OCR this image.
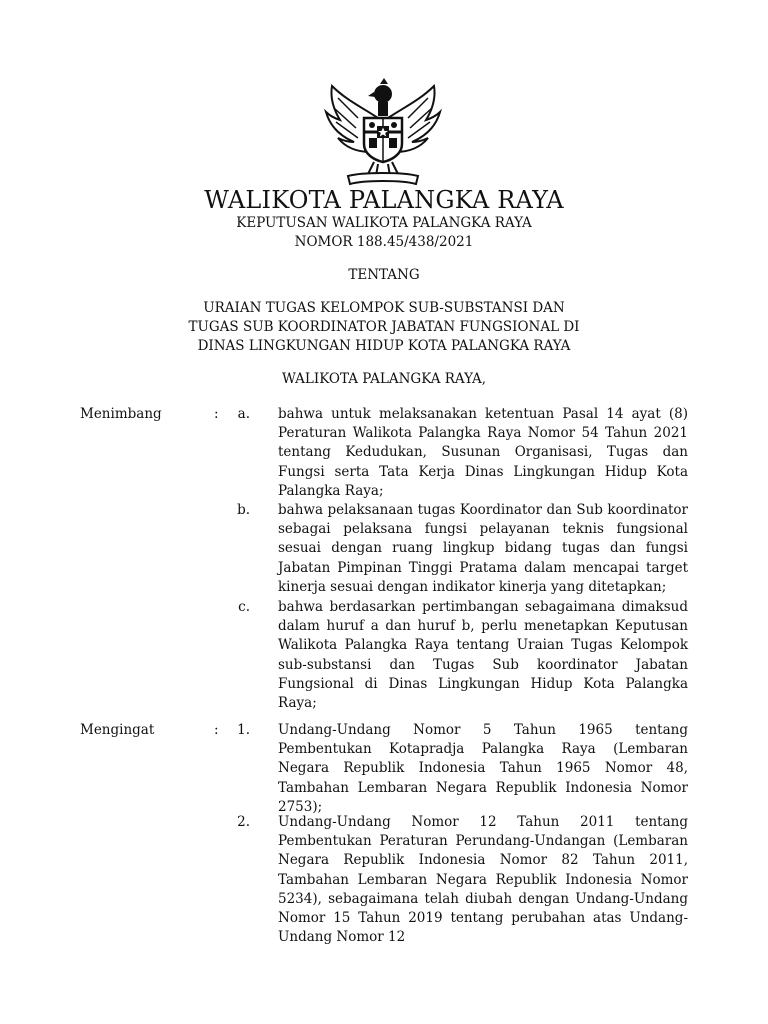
WALIKOTA PALANGKA RAYA
KEPUTUSAN WALIKOTA PALANGKA RAYA
NOMOR 188.45/438/2021
TENTANG
URAIAN TUGAS KELOMPOK SUB-SUBSTANSI DAN
TUGAS SUB KOORDINATOR JABATAN FUNGSIONAL DI
DINAS LINGKUNGAN HIDUP KOTA PALANGKA RAYA
WALIKOTA PALANGKA RAYA,
Menimbang	:	a. bahwa untuk melaksanakan ketentuan Pasal 14 ayat (8) Peraturan Walikota Palangka Raya Nomor 54 Tahun 2021 tentang Kedudukan, Susunan Organisasi, Tugas dan Fungsi serta Tata Kerja Dinas Lingkungan Hidup Kota Palangka Raya;

b. bahwa pelaksanaan tugas Koordinator dan Sub koordinator sebagai pelaksana fungsi pelayanan teknis fungsional sesuai dengan ruang lingkup bidang tugas dan fungsi Jabatan Pimpinan Tinggi Pratama dalam mencapai target kinerja sesuai dengan indikator kinerja yang ditetapkan;

c. bahwa berdasarkan pertimbangan sebagaimana dimaksud dalam huruf a dan huruf b, perlu menetapkan Keputusan Walikota Palangka Raya tentang Uraian Tugas Kelompok sub-substansi dan Tugas Sub koordinator Jabatan Fungsional di Dinas Lingkungan Hidup Kota Palangka Raya;

Mengingat	:	1. Undang-Undang Nomor 5 Tahun 1965 tentang Pembentukan Kotapradja Palangka Raya (Lembaran Negara Republik Indonesia Tahun 1965 Nomor 48, Tambahan Lembaran Negara Republik Indonesia Nomor 2753);

2. Undang-Undang Nomor 12 Tahun 2011 tentang Pembentukan Peraturan Perundang-Undangan (Lembaran Negara Republik Indonesia Nomor 82 Tahun 2011, Tambahan Lembaran Negara Republik Indonesia Nomor 5234), sebagaimana telah diubah dengan Undang-Undang Nomor 15 Tahun 2019 tentang perubahan atas Undang-Undang Nomor 12
